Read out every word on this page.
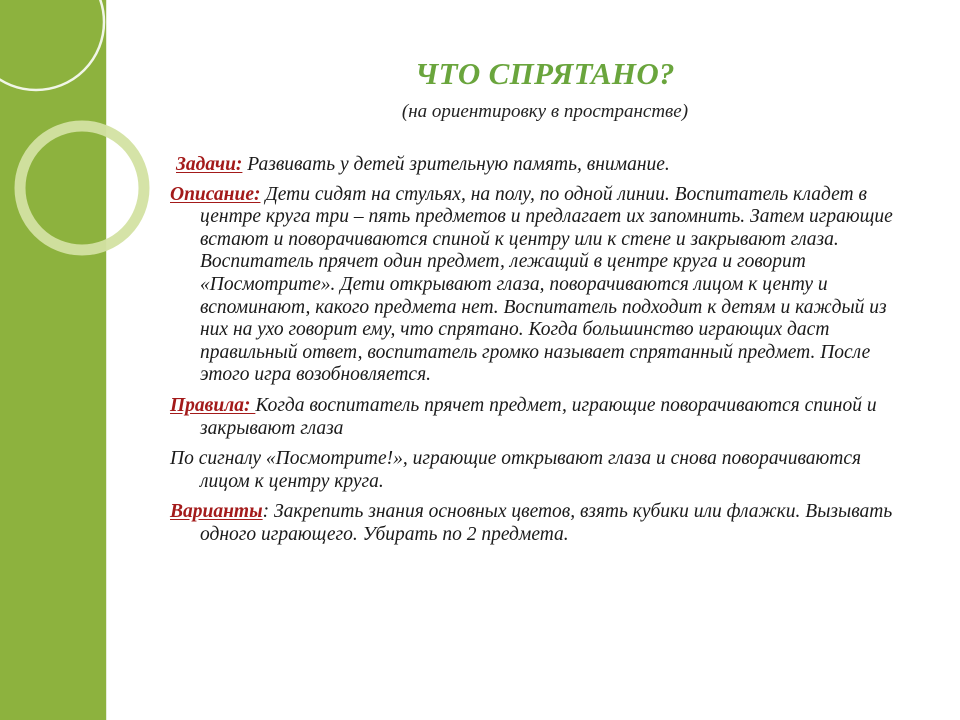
ЧТО СПРЯТАНО?

(на ориентировку в пространстве)

Задачи: Развивать у детей зрительную память, внимание.

Описание: Дети сидят на стульях, на полу, по одной линии. Воспитатель кладет в центре круга три – пять предметов и предлагает их запомнить. Затем играющие встают и поворачиваются спиной к центру или к стене и закрывают глаза. Воспитатель прячет один предмет, лежащий в центре круга и говорит «Посмотрите». Дети открывают глаза, поворачиваются лицом к центу и вспоминают, какого предмета нет. Воспитатель подходит к детям и каждый из них на ухо говорит ему, что спрятано. Когда большинство играющих даст правильный ответ, воспитатель громко называет спрятанный предмет. После этого игра возобновляется.

Правила: Когда воспитатель прячет предмет, играющие поворачиваются спиной и закрывают глаза

По сигналу «Посмотрите!», играющие открывают глаза и снова поворачиваются лицом к центру круга.

Варианты: Закрепить знания основных цветов, взять кубики или флажки. Вызывать одного играющего. Убирать по 2 предмета.
